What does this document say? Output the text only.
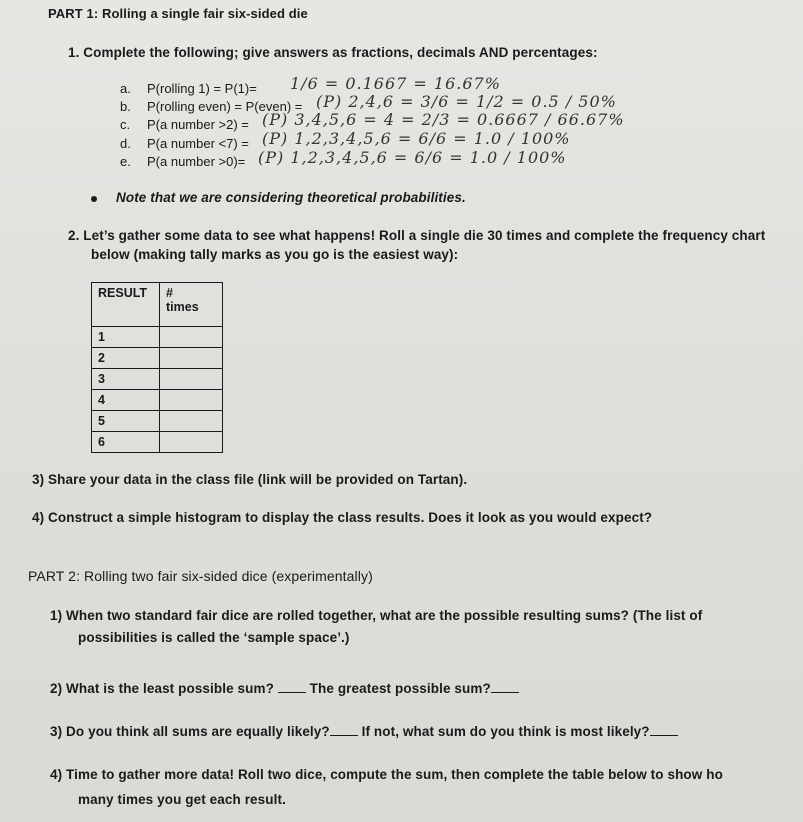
PART 1: Rolling a single fair six-sided die
1. Complete the following; give answers as fractions, decimals AND percentages:
a. P(rolling 1) = P(1)= 1/6 = 0.1667 = 16.67%
b. P(rolling even) = P(even) = (P) 2,4,6 = 3/6 = 1/2 = 0.5 / 50%
c. P(a number >2) = (P) 3,4,5,6 = 4 = 2/3 = 0.6667 / 66.67%
d. P(a number <7) = (P) 1,2,3,4,5,6 = 6/6 = 1.0 / 100%
e. P(a number >0)= (P) 1,2,3,4,5,6 = 6/6 = 1.0 / 100%
Note that we are considering theoretical probabilities.
2. Let’s gather some data to see what happens! Roll a single die 30 times and complete the frequency chart
below (making tally marks as you go is the easiest way):
RESULT	#
times

1	
2	
3	
4	
5	
6	
3) Share your data in the class file (link will be provided on Tartan).
4) Construct a simple histogram to display the class results. Does it look as you would expect?
PART 2: Rolling two fair six-sided dice (experimentally)
1) When two standard fair dice are rolled together, what are the possible resulting sums? (The list of
possibilities is called the ‘sample space’.)
2) What is the least possible sum?	The greatest possible sum?
3) Do you think all sums are equally likely? If not, what sum do you think is most likely?
4) Time to gather more data! Roll two dice, compute the sum, then complete the table below to show ho
many times you get each result.
